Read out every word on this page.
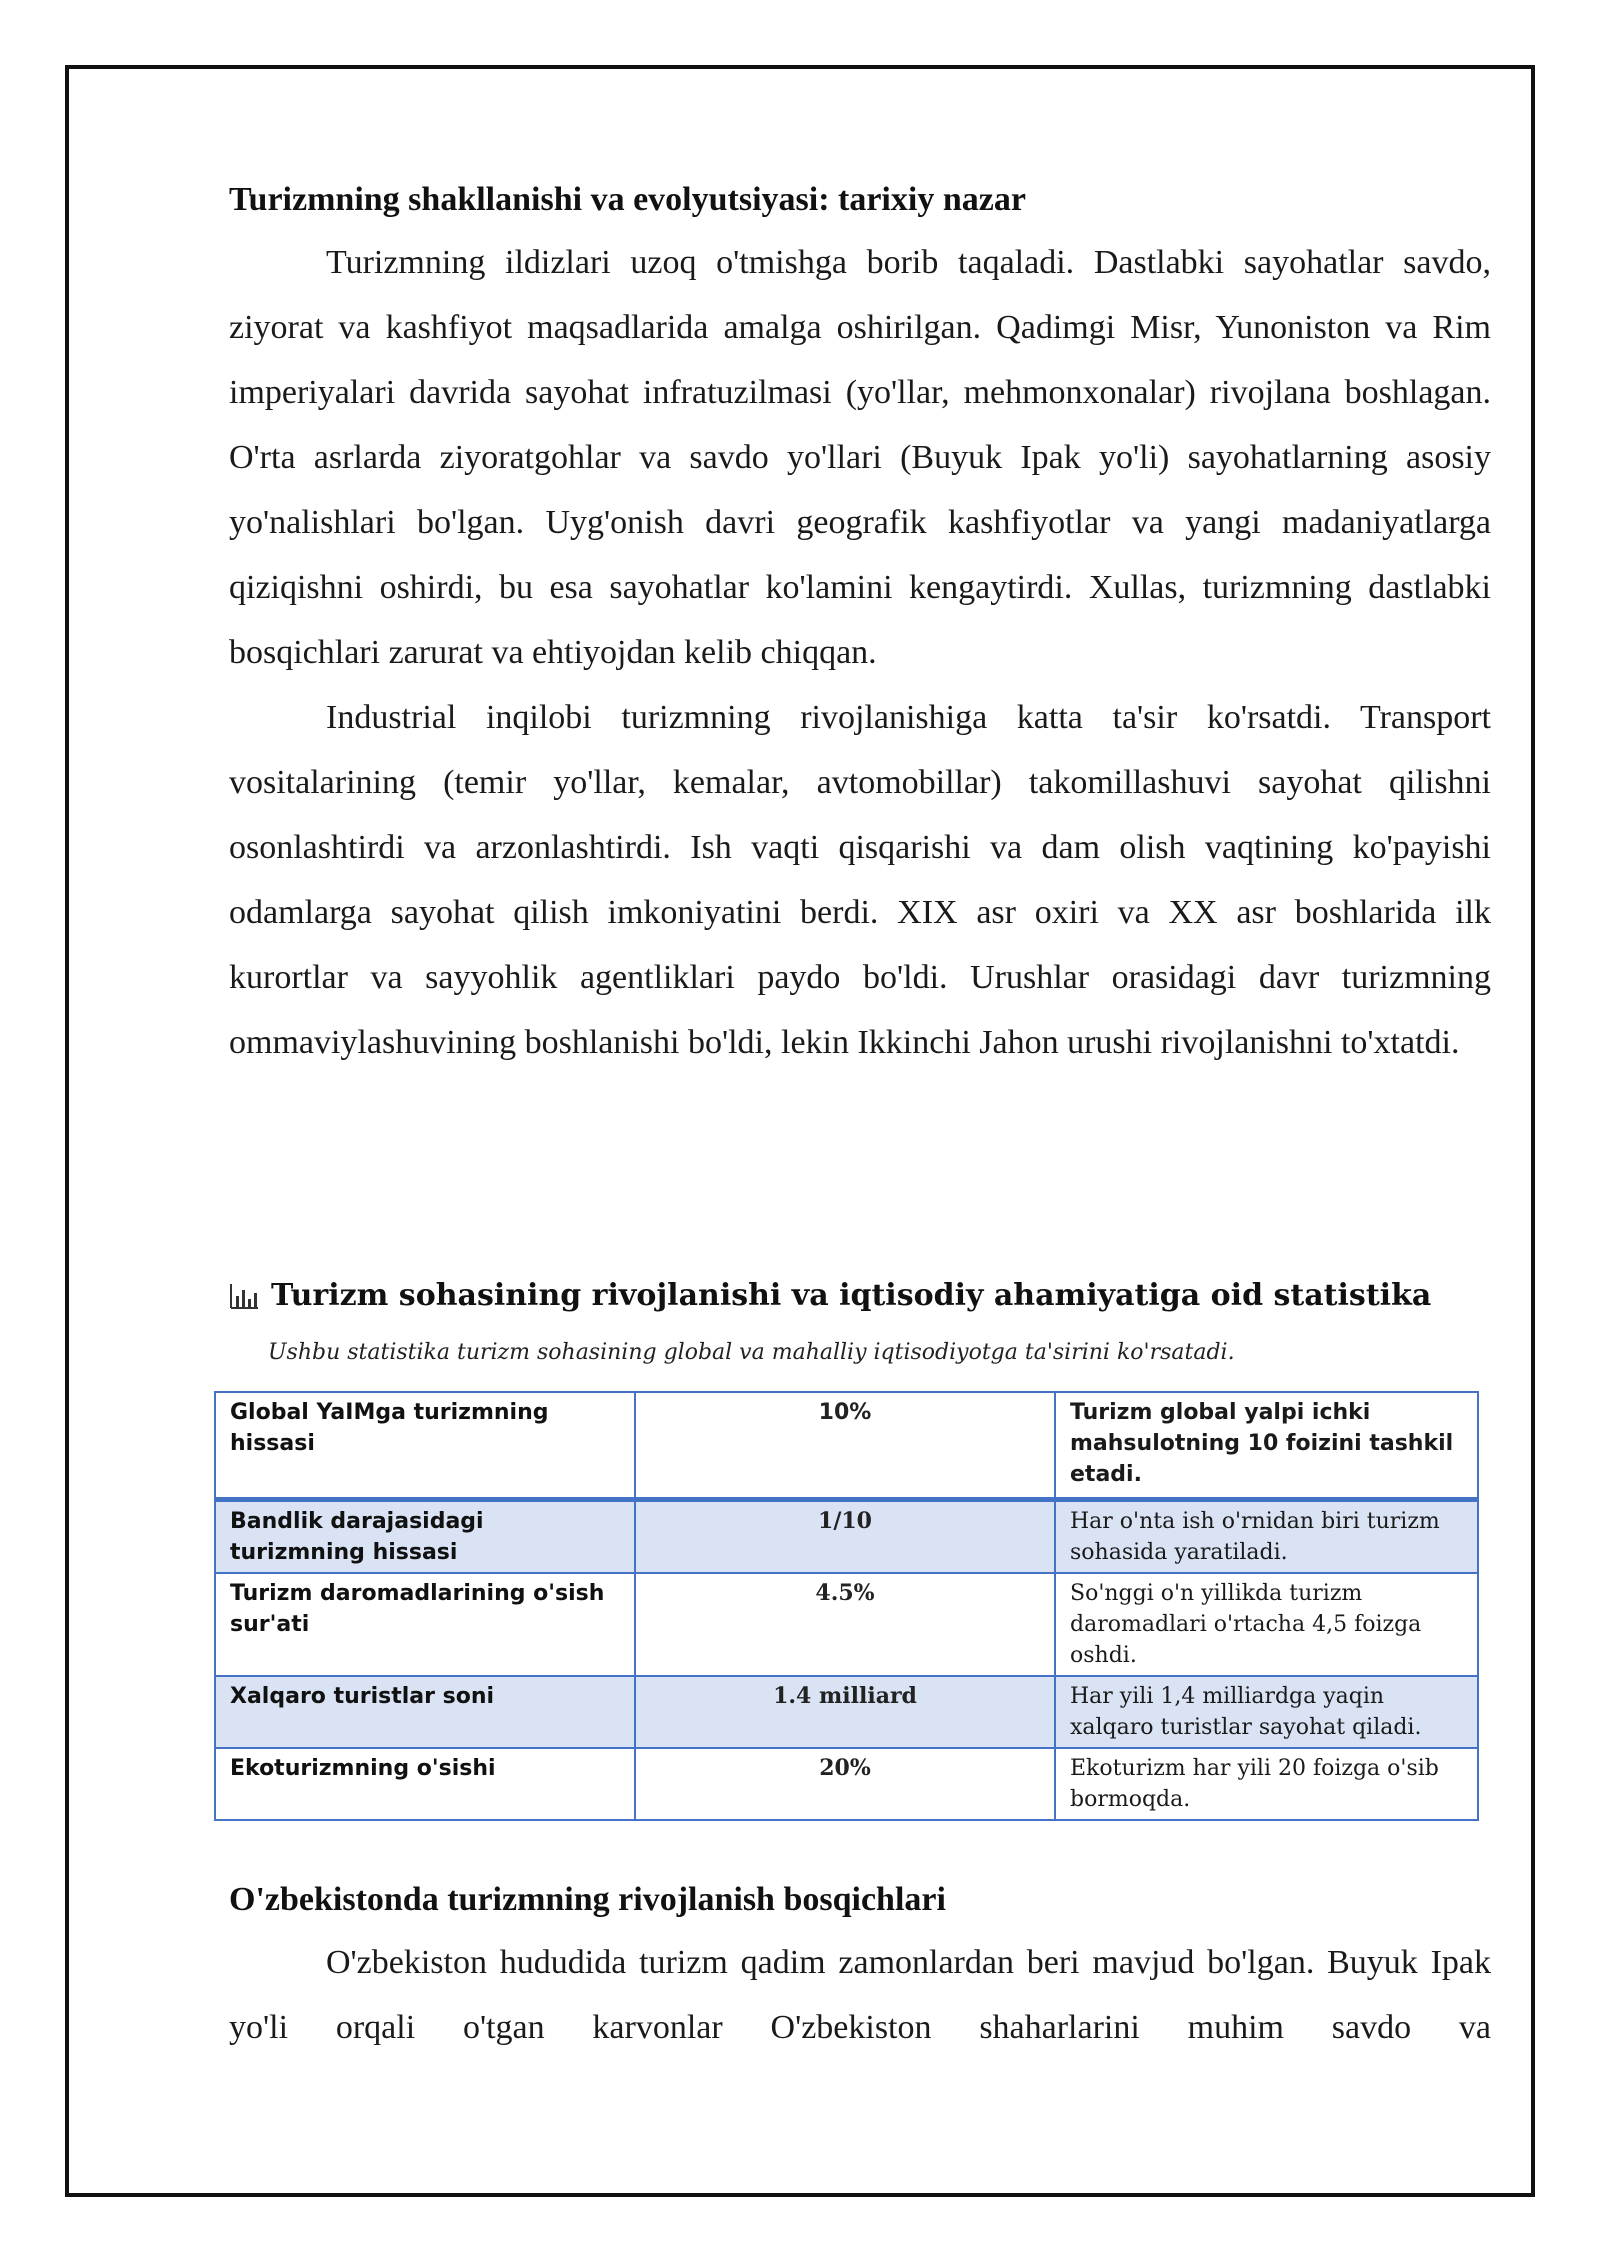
Turizmning shakllanishi va evolyutsiyasi: tarixiy nazar

Turizmning ildizlari uzoq o'tmishga borib taqaladi. Dastlabki sayohatlar savdo, ziyorat va kashfiyot maqsadlarida amalga oshirilgan. Qadimgi Misr, Yunoniston va Rim imperiyalari davrida sayohat infratuzilmasi (yo'llar, mehmonxonalar) rivojlana boshlagan. O'rta asrlarda ziyoratgohlar va savdo yo'llari (Buyuk Ipak yo'li) sayohatlarning asosiy yo'nalishlari bo'lgan. Uyg'onish davri geografik kashfiyotlar va yangi madaniyatlarga qiziqishni oshirdi, bu esa sayohatlar ko'lamini kengaytirdi. Xullas, turizmning dastlabki bosqichlari zarurat va ehtiyojdan kelib chiqqan.

Industrial inqilobi turizmning rivojlanishiga katta ta'sir ko'rsatdi. Transport vositalarining (temir yo'llar, kemalar, avtomobillar) takomillashuvi sayohat qilishni osonlashtirdi va arzonlashtirdi. Ish vaqti qisqarishi va dam olish vaqtining ko'payishi odamlarga sayohat qilish imkoniyatini berdi. XIX asr oxiri va XX asr boshlarida ilk kurortlar va sayyohlik agentliklari paydo bo'ldi. Urushlar orasidagi davr turizmning ommaviylashuvining boshlanishi bo'ldi, lekin Ikkinchi Jahon urushi rivojlanishni to'xtatdi.

Turizm sohasining rivojlanishi va iqtisodiy ahamiyatiga oid statistika
Ushbu statistika turizm sohasining global va mahalliy iqtisodiyotga ta'sirini ko'rsatadi.
Global YaIMga turizmning hissasi	10%	Turizm global yalpi ichki mahsulotning 10 foizini tashkil etadi.
Bandlik darajasidagi turizmning hissasi	1/10	Har o'nta ish o'rnidan biri turizm sohasida yaratiladi.
Turizm daromadlarining o'sish sur'ati	4.5%	So'nggi o'n yillikda turizm daromadlari o'rtacha 4,5 foizga oshdi.
Xalqaro turistlar soni	1.4 milliard	Har yili 1,4 milliardga yaqin xalqaro turistlar sayohat qiladi.
Ekoturizmning o'sishi	20%	Ekoturizm har yili 20 foizga o'sib bormoqda.
O'zbekistonda turizmning rivojlanish bosqichlari

O'zbekiston hududida turizm qadim zamonlardan beri mavjud bo'lgan. Buyuk Ipak yo'li orqali o'tgan karvonlar O'zbekiston shaharlarini muhim savdo va
